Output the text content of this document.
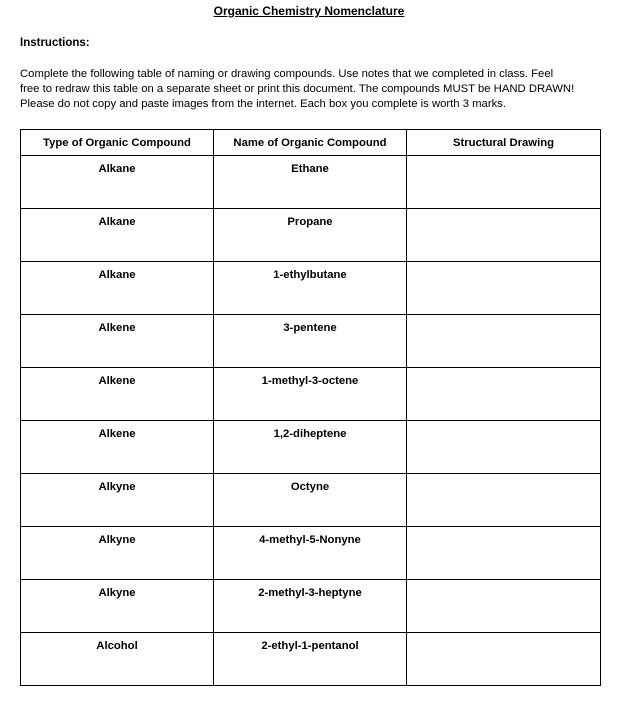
Organic Chemistry Nomenclature
Instructions:
Complete the following table of naming or drawing compounds. Use notes that we completed in class. Feel
free to redraw this table on a separate sheet or print this document. The compounds MUST be HAND DRAWN!
Please do not copy and paste images from the internet. Each box you complete is worth 3 marks.
Type of Organic Compound	Name of Organic Compound	Structural Drawing

Alkane	Ethane	

Alkane	Propane	

Alkane	1-ethylbutane	

Alkene	3-pentene	

Alkene	1-methyl-3-octene	

Alkene	1,2-diheptene	

Alkyne	Octyne	

Alkyne	4-methyl-5-Nonyne	

Alkyne	2-methyl-3-heptyne	

Alcohol	2-ethyl-1-pentanol	
